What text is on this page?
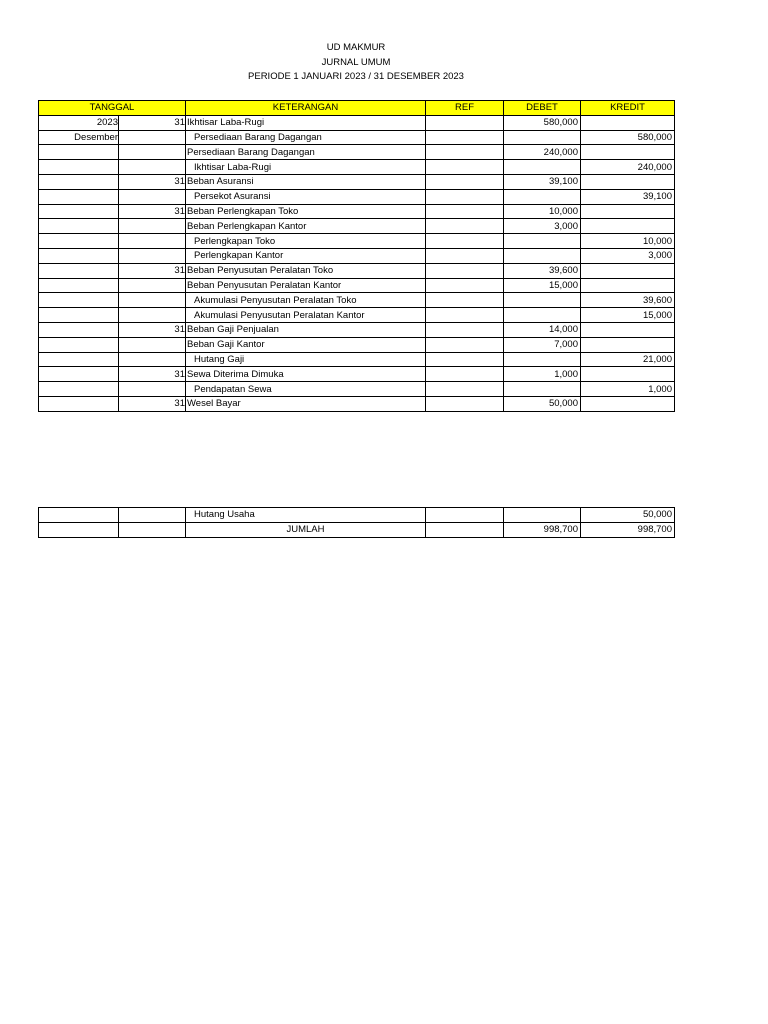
UD MAKMUR
JURNAL UMUM
PERIODE 1 JANUARI 2023 / 31 DESEMBER 2023
TANGGAL		KETERANGAN	REF	DEBET	KREDIT
2023	31	Ikhtisar Laba-Rugi		580,000	
Desember		Persediaan Barang Dagangan			580,000
		Persediaan Barang Dagangan		240,000	
		Ikhtisar Laba-Rugi			240,000
	31	Beban Asuransi		39,100	
		Persekot Asuransi			39,100
	31	Beban Perlengkapan Toko		10,000	
		Beban Perlengkapan Kantor		3,000	
		Perlengkapan Toko			10,000
		Perlengkapan Kantor			3,000
	31	Beban Penyusutan Peralatan Toko		39,600	
		Beban Penyusutan Peralatan Kantor		15,000	
		Akumulasi Penyusutan Peralatan Toko			39,600
		Akumulasi Penyusutan Peralatan Kantor			15,000
	31	Beban Gaji Penjualan		14,000	
		Beban Gaji Kantor		7,000	
		Hutang Gaji			21,000
	31	Sewa Diterima Dimuka		1,000	
		Pendapatan Sewa			1,000
	31	Wesel Bayar		50,000	
		Hutang Usaha			50,000
		JUMLAH		998,700	998,700
